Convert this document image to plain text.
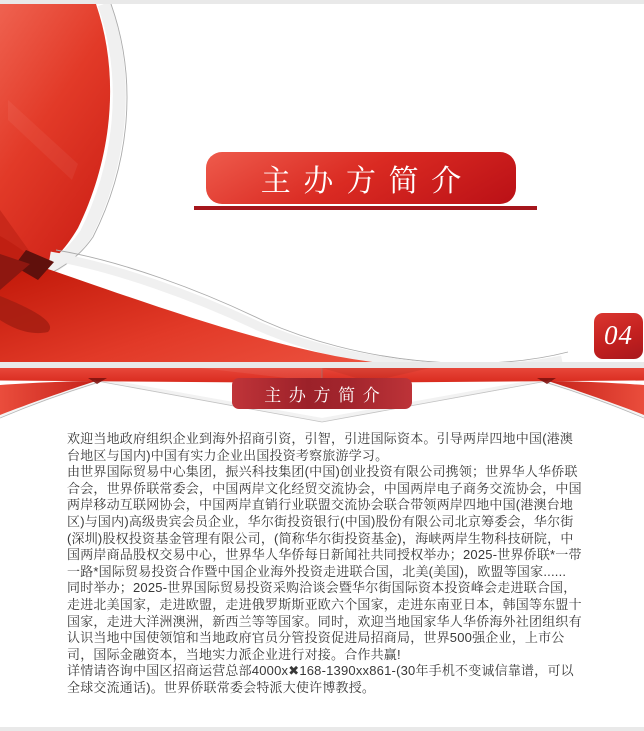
主办方简介
04
主办方简介

欢迎当地政府组织企业到海外招商引资，引智，引进国际资本。引导两岸四地中国(港澳台地区与国内)中国有实力企业出国投资考察旅游学习。

由世界国际贸易中心集团，振兴科技集团(中国)创业投资有限公司携领；世界华人华侨联合会，世界侨联常委会，中国两岸文化经贸交流协会，中国两岸电子商务交流协会，中国两岸移动互联网协会，中国两岸直销行业联盟交流协会联合带领两岸四地中国(港澳台地区)与国内)高级贵宾会员企业，华尔街投资银行(中国)股份有限公司北京筹委会，华尔街(深圳)股权投资基金管理有限公司，(简称华尔街投资基金)，海峡两岸生物科技研院，中国两岸商品股权交易中心，世界华人华侨每日新闻社共同授权举办；2025-世界侨联*一带一路*国际贸易投资合作暨中国企业海外投资走进联合国，北美(美国)，欧盟等国家......

同时举办；2025-世界国际贸易投资采购洽谈会暨华尔街国际资本投资峰会走进联合国，走进北美国家，走进欧盟，走进俄罗斯斯亚欧六个国家，走进东南亚日本，韩国等东盟十国家，走进大洋洲澳洲，新西兰等等国家。同时，欢迎当地国家华人华侨海外社团组织有认识当地中国使领馆和当地政府官员分管投资促进局招商局，世界500强企业，上市公司，国际金融资本，当地实力派企业进行对接。合作共赢!

详情请咨询中国区招商运营总部4000x✖168-1390xx861-(30年手机不变诚信靠谱，可以全球交流通话)。世界侨联常委会特派大使许博教授。
